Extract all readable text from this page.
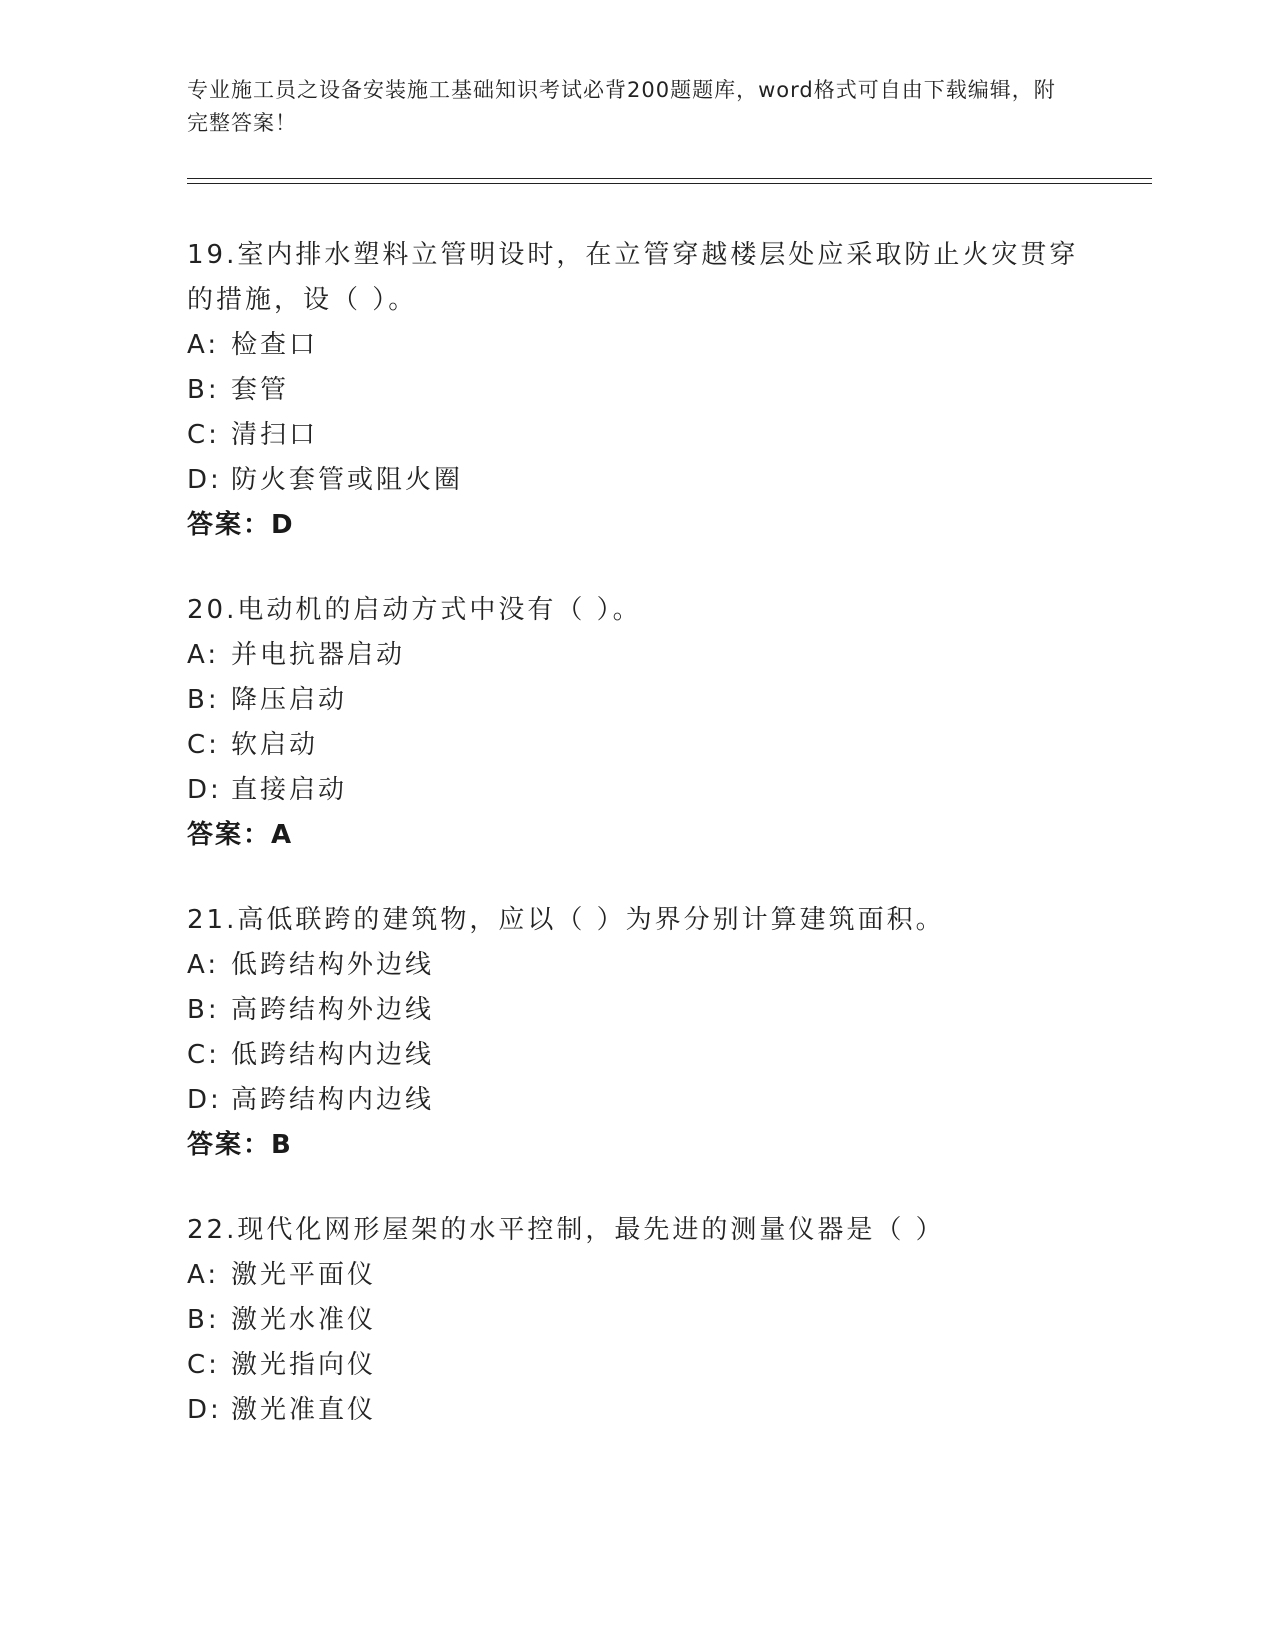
专业施工员之设备安装施工基础知识考试必背200题题库，word格式可自由下载编辑，附完整答案！

19.室内排水塑料立管明设时，在立管穿越楼层处应采取防止火灾贯穿的措施，设（ ）。

A: 检查口

B: 套管

C: 清扫口

D: 防火套管或阻火圈

答案：D

20.电动机的启动方式中没有（ ）。

A: 并电抗器启动

B: 降压启动

C: 软启动

D: 直接启动

答案：A

21.高低联跨的建筑物，应以（ ）为界分别计算建筑面积。

A: 低跨结构外边线

B: 高跨结构外边线

C: 低跨结构内边线

D: 高跨结构内边线

答案：B

22.现代化网形屋架的水平控制，最先进的测量仪器是（ ）

A: 激光平面仪

B: 激光水准仪

C: 激光指向仪

D: 激光准直仪
